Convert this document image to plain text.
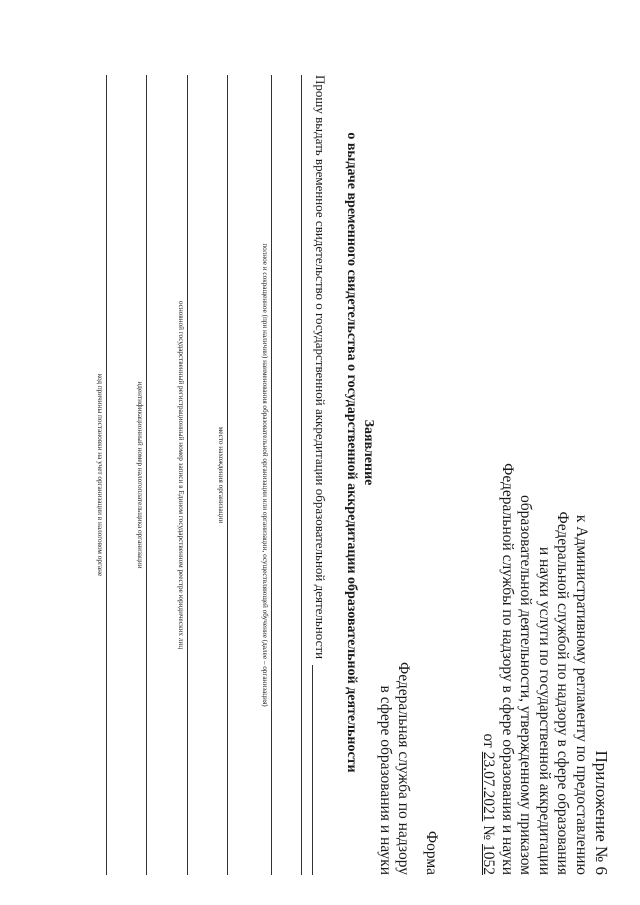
Приложение № 6
к Административному регламенту по предоставлению
Федеральной службой по надзору в сфере образования
и науки услуги по государственной аккредитации
образовательной деятельности, утвержденному приказом
Федеральной службы по надзору в сфере образования и науки
от 23.07.2021 № 1052
Форма
Федеральная служба по надзору
в сфере образования и науки
Заявление
о выдаче временного свидетельства о государственной аккредитации образовательной деятельности
Прошу выдать временное свидетельство о государственной аккредитации образовательной деятельности
полное и сокращенное (при наличии) наименования образовательной организации или организации, осуществляющей обучение (далее – организация)
место нахождения организации
основной государственный регистрационный номер записи в Едином государственном реестре юридических лиц
идентификационный номер налогоплательщика организации
код причины постановки на учет организации в налоговом органе
